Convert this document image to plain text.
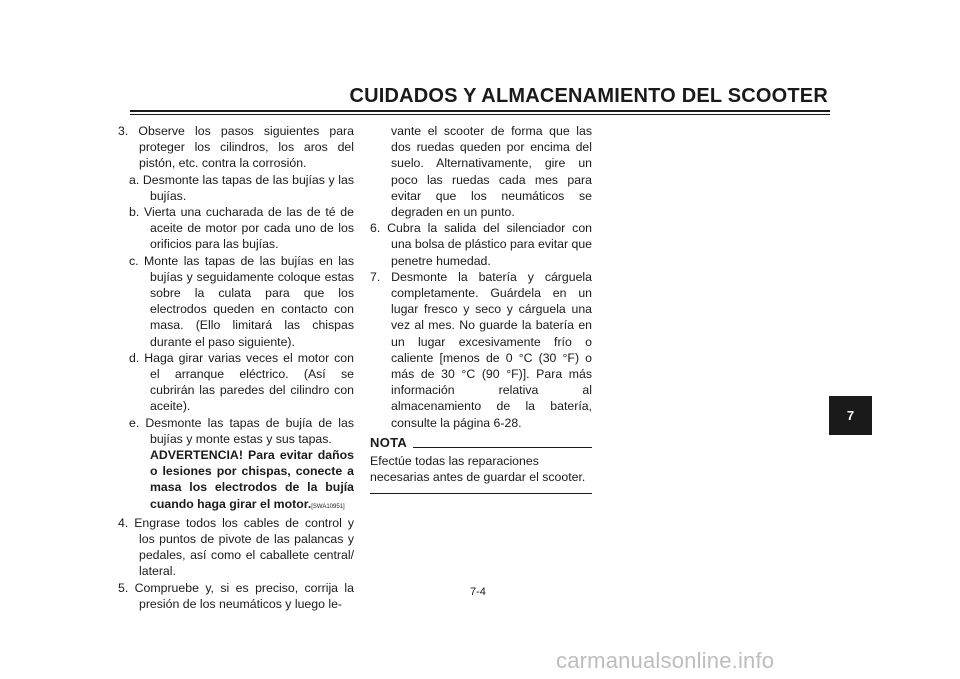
CUIDADOS Y ALMACENAMIENTO DEL SCOOTER
3. Observe los pasos siguientes para proteger los cilindros, los aros del pistón, etc. contra la corrosión.
a. Desmonte las tapas de las bujías y las bujías.
b. Vierta una cucharada de las de té de aceite de motor por cada uno de los orificios para las bujías.
c. Monte las tapas de las bujías en las bujías y seguidamente coloque estas sobre la culata para que los electrodos queden en contacto con masa. (Ello limitará las chispas durante el paso siguiente).
d. Haga girar varias veces el motor con el arranque eléctrico. (Así se cubrirán las paredes del cilindro con aceite).
e. Desmonte las tapas de bujía de las bujías y monte estas y sus tapas.
ADVERTENCIA! Para evitar daños o lesiones por chispas, conecte a masa los electrodos de la bujía cuando haga girar el motor.[SWA10951]
4. Engrase todos los cables de control y los puntos de pivote de las palancas y pedales, así como el caballete central/ lateral.
5. Compruebe y, si es preciso, corrija la presión de los neumáticos y luego le-
vante el scooter de forma que las dos ruedas queden por encima del suelo. Alternativamente, gire un poco las ruedas cada mes para evitar que los neumáticos se degraden en un punto.
6. Cubra la salida del silenciador con una bolsa de plástico para evitar que penetre humedad.
7. Desmonte la batería y cárguela completamente. Guárdela en un lugar fresco y seco y cárguela una vez al mes. No guarde la batería en un lugar excesivamente frío o caliente [menos de 0 °C (30 °F) o más de 30 °C (90 °F)]. Para más información relativa al almacenamiento de la batería, consulte la página 6-28.
NOTA
Efectúe todas las reparaciones necesarias antes de guardar el scooter.
7-4
7
carmanualsonline.info
